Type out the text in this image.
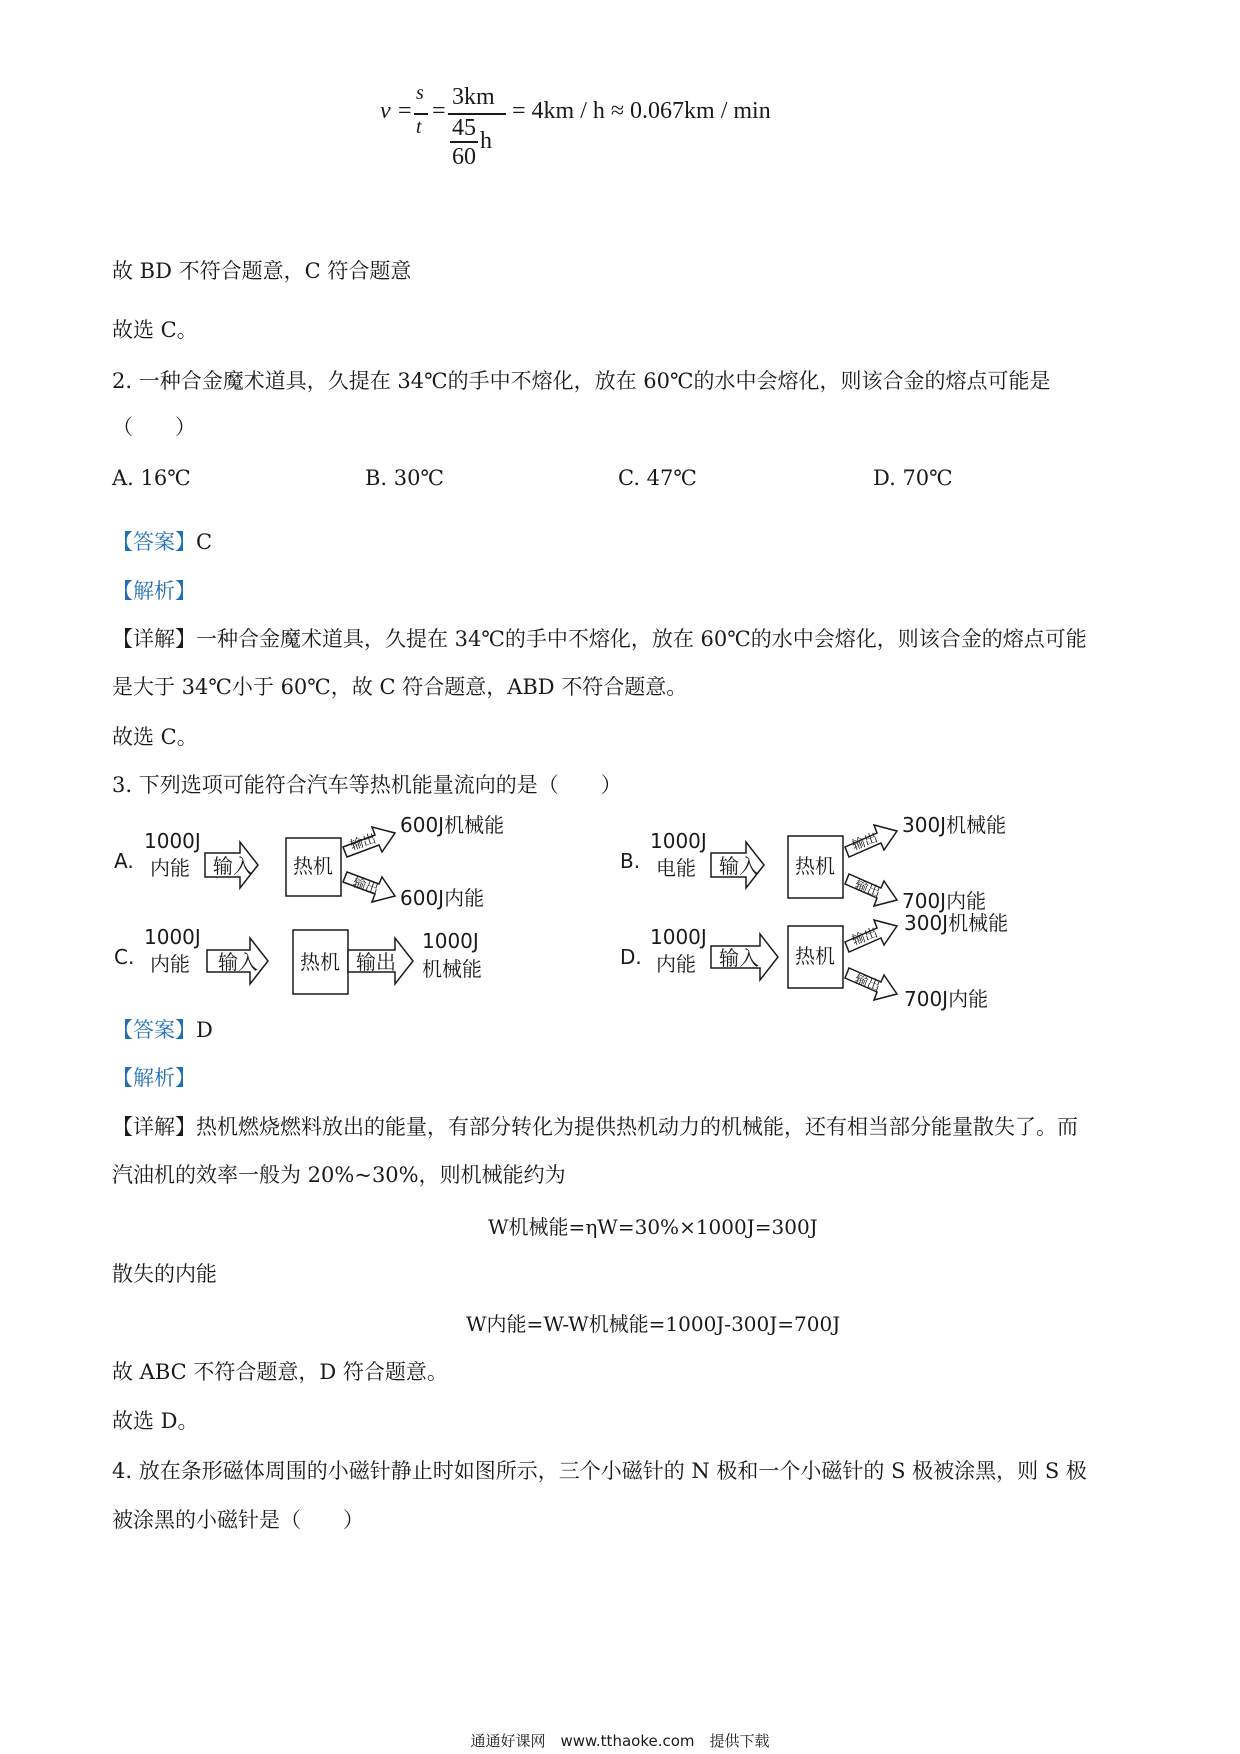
v =
s
t
=
3km
45
60
h
= 4km / h ≈ 0.067km / min
故 BD 不符合题意，C 符合题意
故选 C。
2. 一种合金魔术道具，久提在 34℃的手中不熔化，放在 60℃的水中会熔化，则该合金的熔点可能是
（　　）
A. 16℃	B. 30℃	C. 47℃	D. 70℃
【答案】C
【解析】
【详解】一种合金魔术道具，久提在 34℃的手中不熔化，放在 60℃的水中会熔化，则该合金的熔点可能
是大于 34℃小于 60℃，故 C 符合题意，ABD 不符合题意。
故选 C。
3. 下列选项可能符合汽车等热机能量流向的是（　　）
A.
1000J
内能 输入 热机
输出
输出
600J机械能
600J内能
B.
1000J
电能 输入 热机
输出
输出
300J机械能
700J内能
C.
1000J
内能 输入 热机 输出
1000J
机械能	D.
1000J
内能 输入 热机
输出
输出
300J机械能
700J内能
【答案】D
【解析】
【详解】热机燃烧燃料放出的能量，有部分转化为提供热机动力的机械能，还有相当部分能量散失了。而
汽油机的效率一般为 20%~30%，则机械能约为
W机械能=ηW=30%×1000J=300J
散失的内能
W内能=W-W机械能=1000J-300J=700J
故 ABC 不符合题意，D 符合题意。
故选 D。
4. 放在条形磁体周围的小磁针静止时如图所示，三个小磁针的 N 极和一个小磁针的 S 极被涂黑，则 S 极
被涂黑的小磁针是（　　）
通通好课网　www.tthaoke.com　提供下载
